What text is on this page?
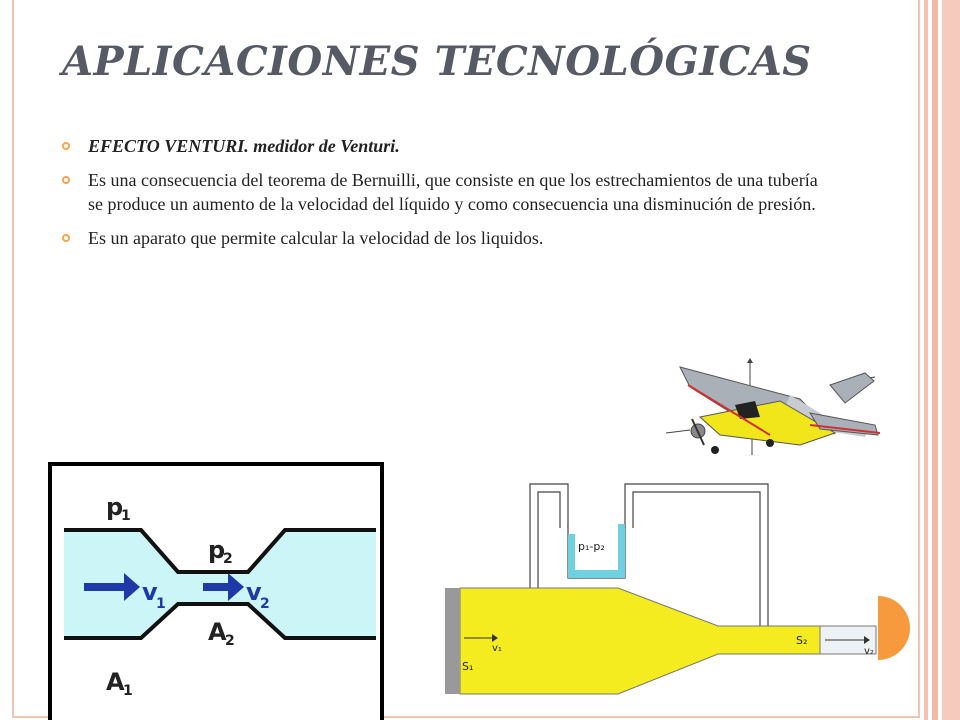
APLICACIONES TECNOLÓGICAS
EFECTO VENTURI. medidor de Venturi.
Es una consecuencia del teorema de Bernuilli, que consiste en que los estrechamientos de una tubería se produce un aumento de la velocidad del líquido y como consecuencia una disminución de presión.
Es un aparato que permite calcular la velocidad de los liquidos.
p
1
p
2
v
1	v
2
A
2
A
1
p₁-p₂
v₁
S₁
S₂
v₂
